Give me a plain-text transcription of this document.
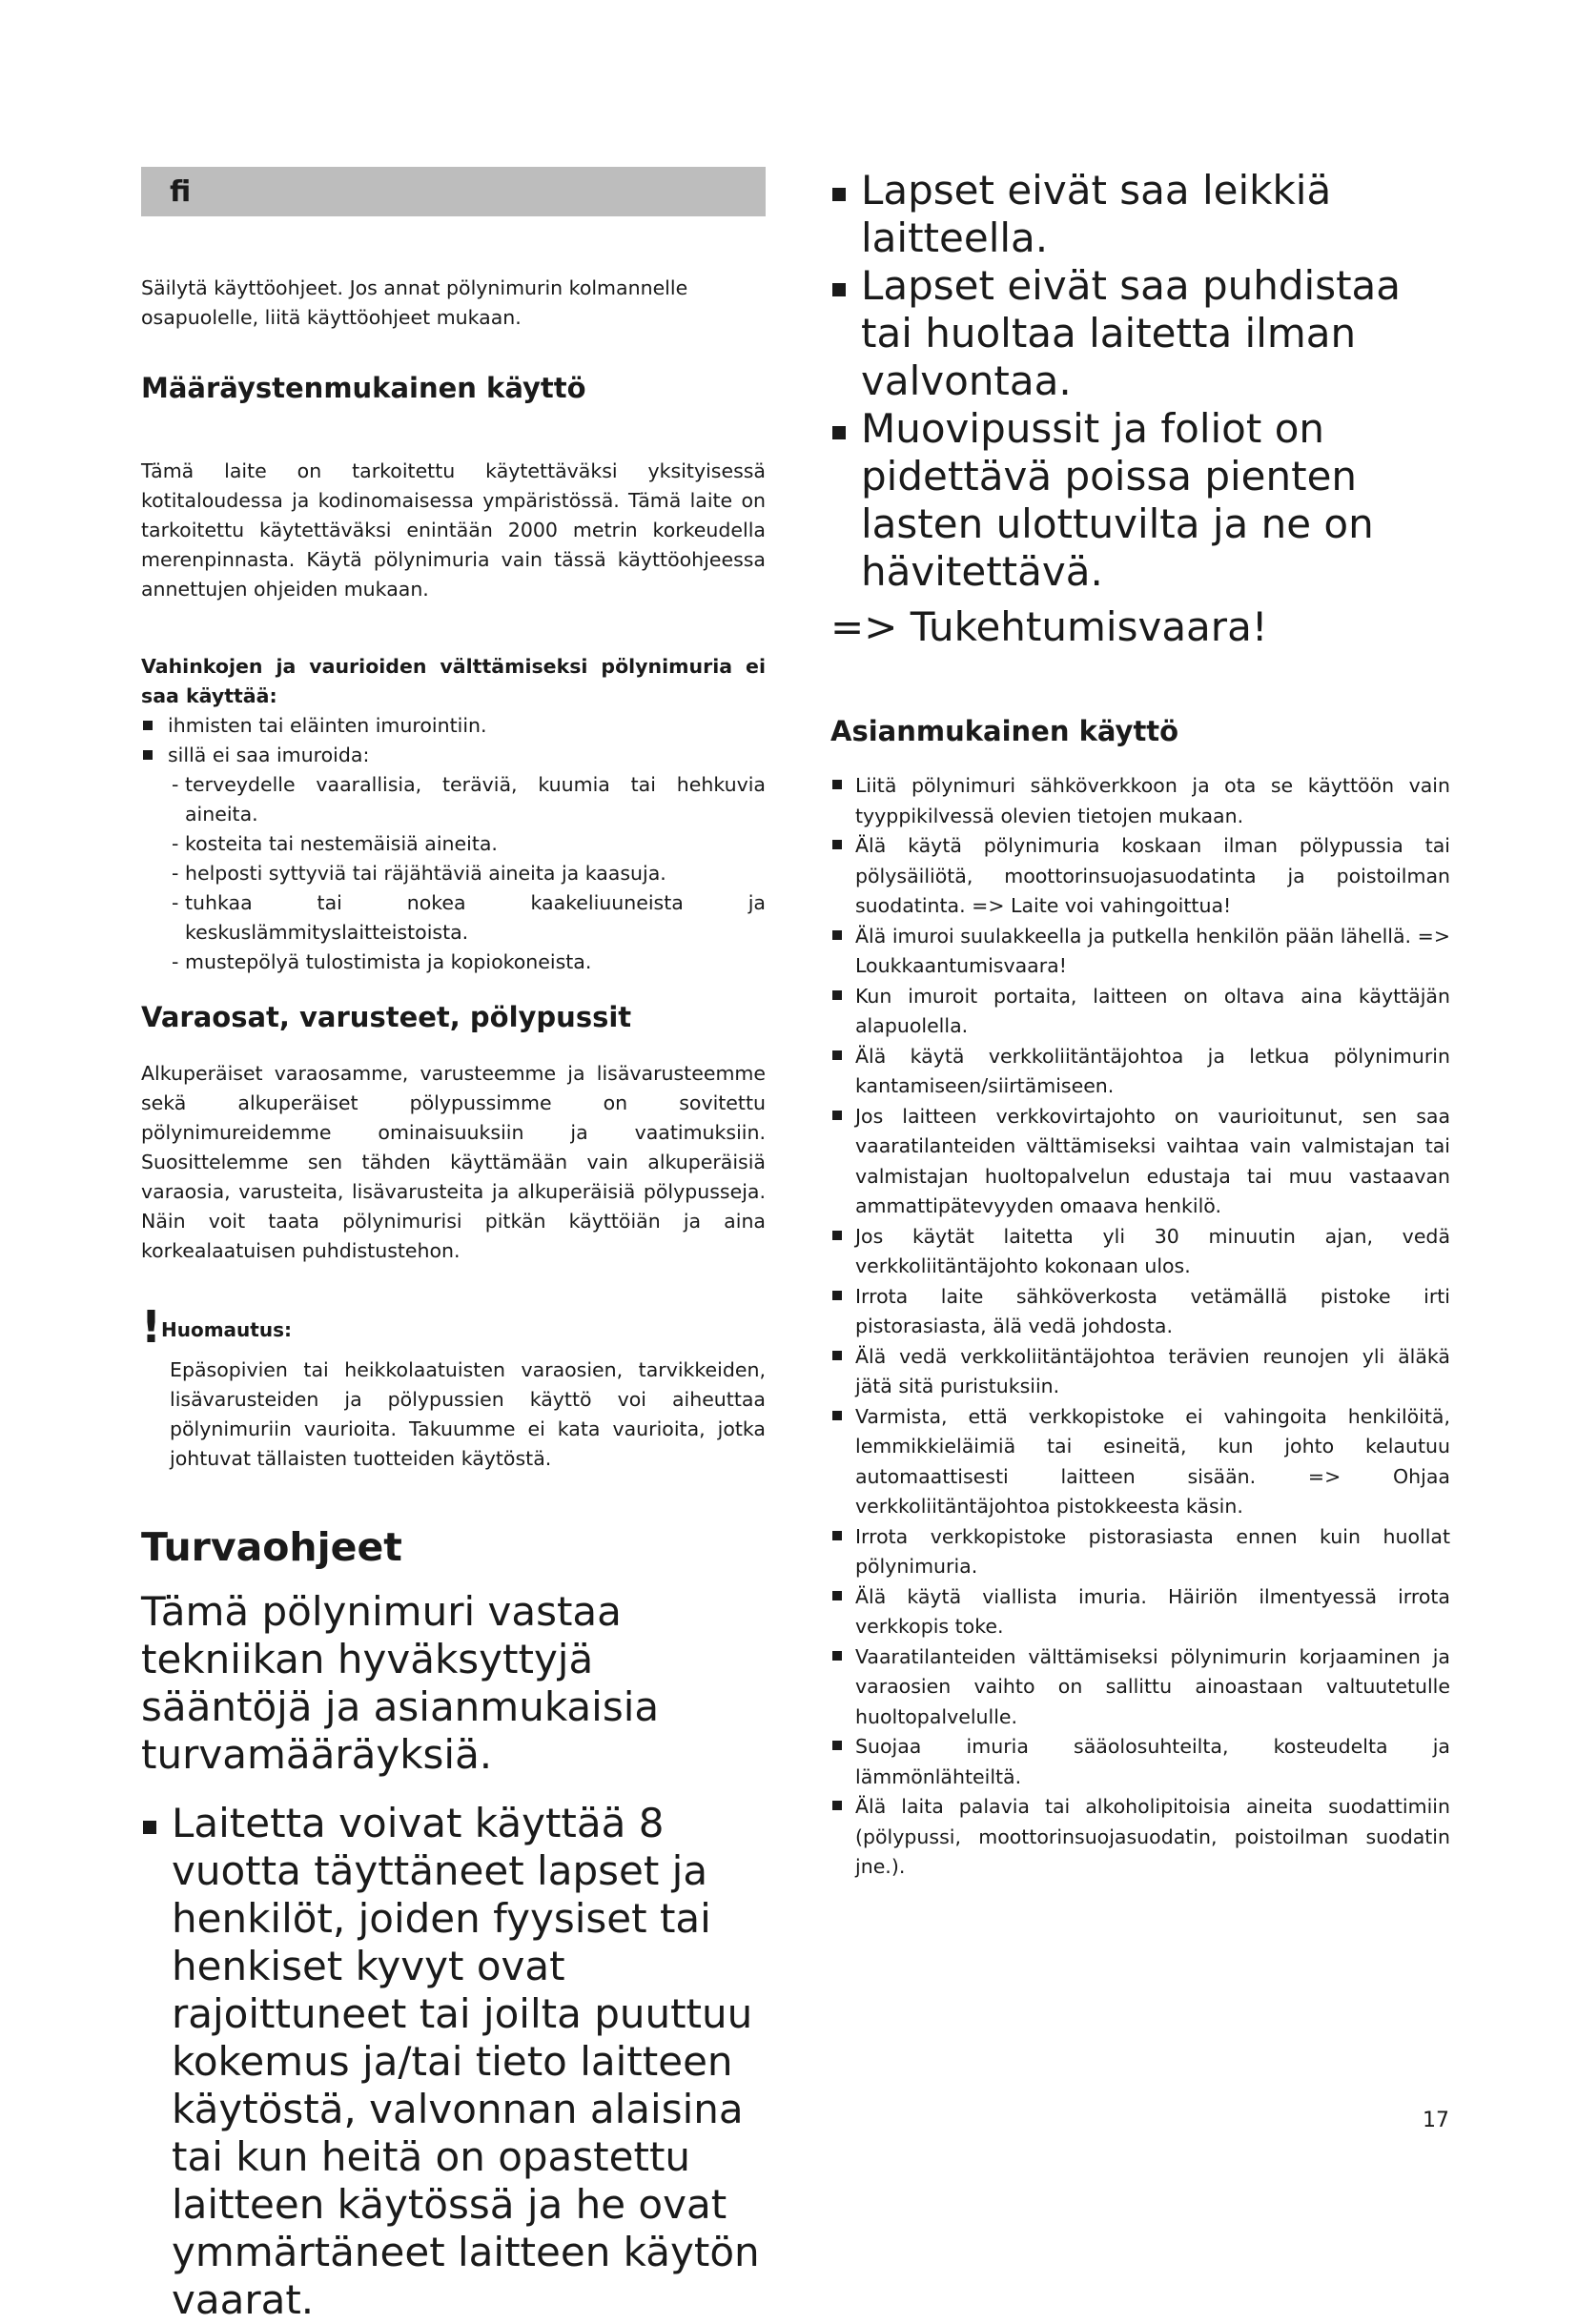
fi

Säilytä käyttöohjeet. Jos annat pölynimurin kolmannelle osapuolelle, liitä käyttöohjeet mukaan.

Määräystenmukainen käyttö

Tämä laite on tarkoitettu käytettäväksi yksityisessä kotitaloudessa ja kodinomaisessa ympäristössä. Tämä laite on tarkoitettu käytettäväksi enintään 2000 metrin korkeudella merenpinnasta. Käytä pölynimuria vain tässä käyttöohjeessa annettujen ohjeiden mukaan.

Vahinkojen ja vaurioiden välttämiseksi pölynimuria ei saa käyttää:

ihmisten tai eläinten imurointiin.
sillä ei saa imuroida:
- terveydelle vaarallisia, teräviä, kuumia tai hehkuvia aineita.
- kosteita tai nestemäisiä aineita.
- helposti syttyviä tai räjähtäviä aineita ja kaasuja.
- tuhkaa tai nokea kaakeliuuneista ja keskuslämmityslaitteistoista.
- mustepölyä tulostimista ja kopiokoneista.
Varaosat, varusteet, pölypussit

Alkuperäiset varaosamme, varusteemme ja lisävarusteemme sekä alkuperäiset pölypussimme on sovitettu pölynimureidemme ominaisuuksiin ja vaatimuksiin. Suosittelemme sen tähden käyttämään vain alkuperäisiä varaosia, varusteita, lisävarusteita ja alkuperäisiä pölypusseja. Näin voit taata pölynimurisi pitkän käyttöiän ja aina korkealaatuisen puhdistustehon.

!Huomautus:

Epäsopivien tai heikkolaatuisten varaosien, tarvikkeiden, lisävarusteiden ja pölypussien käyttö voi aiheuttaa pölynimuriin vaurioita. Takuumme ei kata vaurioita, jotka johtuvat tällaisten tuotteiden käytöstä.

Turvaohjeet

Tämä pölynimuri vastaa tekniikan hyväksyttyjä sääntöjä ja asianmukaisia turvamääräyksiä.

Laitetta voivat käyttää 8 vuotta täyttäneet lapset ja henkilöt, joiden fyysiset tai henkiset kyvyt ovat rajoittuneet tai joilta puuttuu kokemus ja/tai tieto laitteen käytöstä, valvonnan alaisina tai kun heitä on opastettu laitteen käytössä ja he ovat ymmärtäneet laitteen käytön vaarat.
Lapset eivät saa leikkiä laitteella.
Lapset eivät saa puhdistaa tai huoltaa laitetta ilman valvontaa.
Muovipussit ja foliot on pidettävä poissa pienten lasten ulottuvilta ja ne on hävitettävä.

=> Tukehtumisvaara!

Asianmukainen käyttö
Liitä pölynimuri sähköverkkoon ja ota se käyttöön vain tyyppikilvessä olevien tietojen mukaan.
Älä käytä pölynimuria koskaan ilman pölypussia tai pölysäiliötä, moottorinsuojasuodatinta ja poistoilman suodatinta. => Laite voi vahingoittua!
Älä imuroi suulakkeella ja putkella henkilön pään lähellä. => Loukkaantumisvaara!
Kun imuroit portaita, laitteen on oltava aina käyttäjän alapuolella.
Älä käytä verkkoliitäntäjohtoa ja letkua pölynimurin kantamiseen/siirtämiseen.
Jos laitteen verkkovirtajohto on vaurioitunut, sen saa vaaratilanteiden välttämiseksi vaihtaa vain valmistajan tai valmistajan huoltopalvelun edustaja tai muu vastaavan ammattipätevyyden omaava henkilö.
Jos käytät laitetta yli 30 minuutin ajan, vedä verkkoliitäntäjohto kokonaan ulos.
Irrota laite sähköverkosta vetämällä pistoke irti pistorasiasta, älä vedä johdosta.
Älä vedä verkkoliitäntäjohtoa terävien reunojen yli äläkä jätä sitä puristuksiin.
Varmista, että verkkopistoke ei vahingoita henkilöitä, lemmikkieläimiä tai esineitä, kun johto kelautuu automaattisesti laitteen sisään. => Ohjaa verkkoliitäntäjohtoa pistokkeesta käsin.
Irrota verkkopistoke pistorasiasta ennen kuin huollat pölynimuria.
Älä käytä viallista imuria. Häiriön ilmentyessä irrota verkkopis toke.
Vaaratilanteiden välttämiseksi pölynimurin korjaaminen ja varaosien vaihto on sallittu ainoastaan valtuutetulle huoltopalvelulle.
Suojaa imuria sääolosuhteilta, kosteudelta ja lämmönlähteiltä.
Älä laita palavia tai alkoholipitoisia aineita suodattimiin (pölypussi, moottorinsuojasuodatin, poistoilman suodatin jne.).
17
